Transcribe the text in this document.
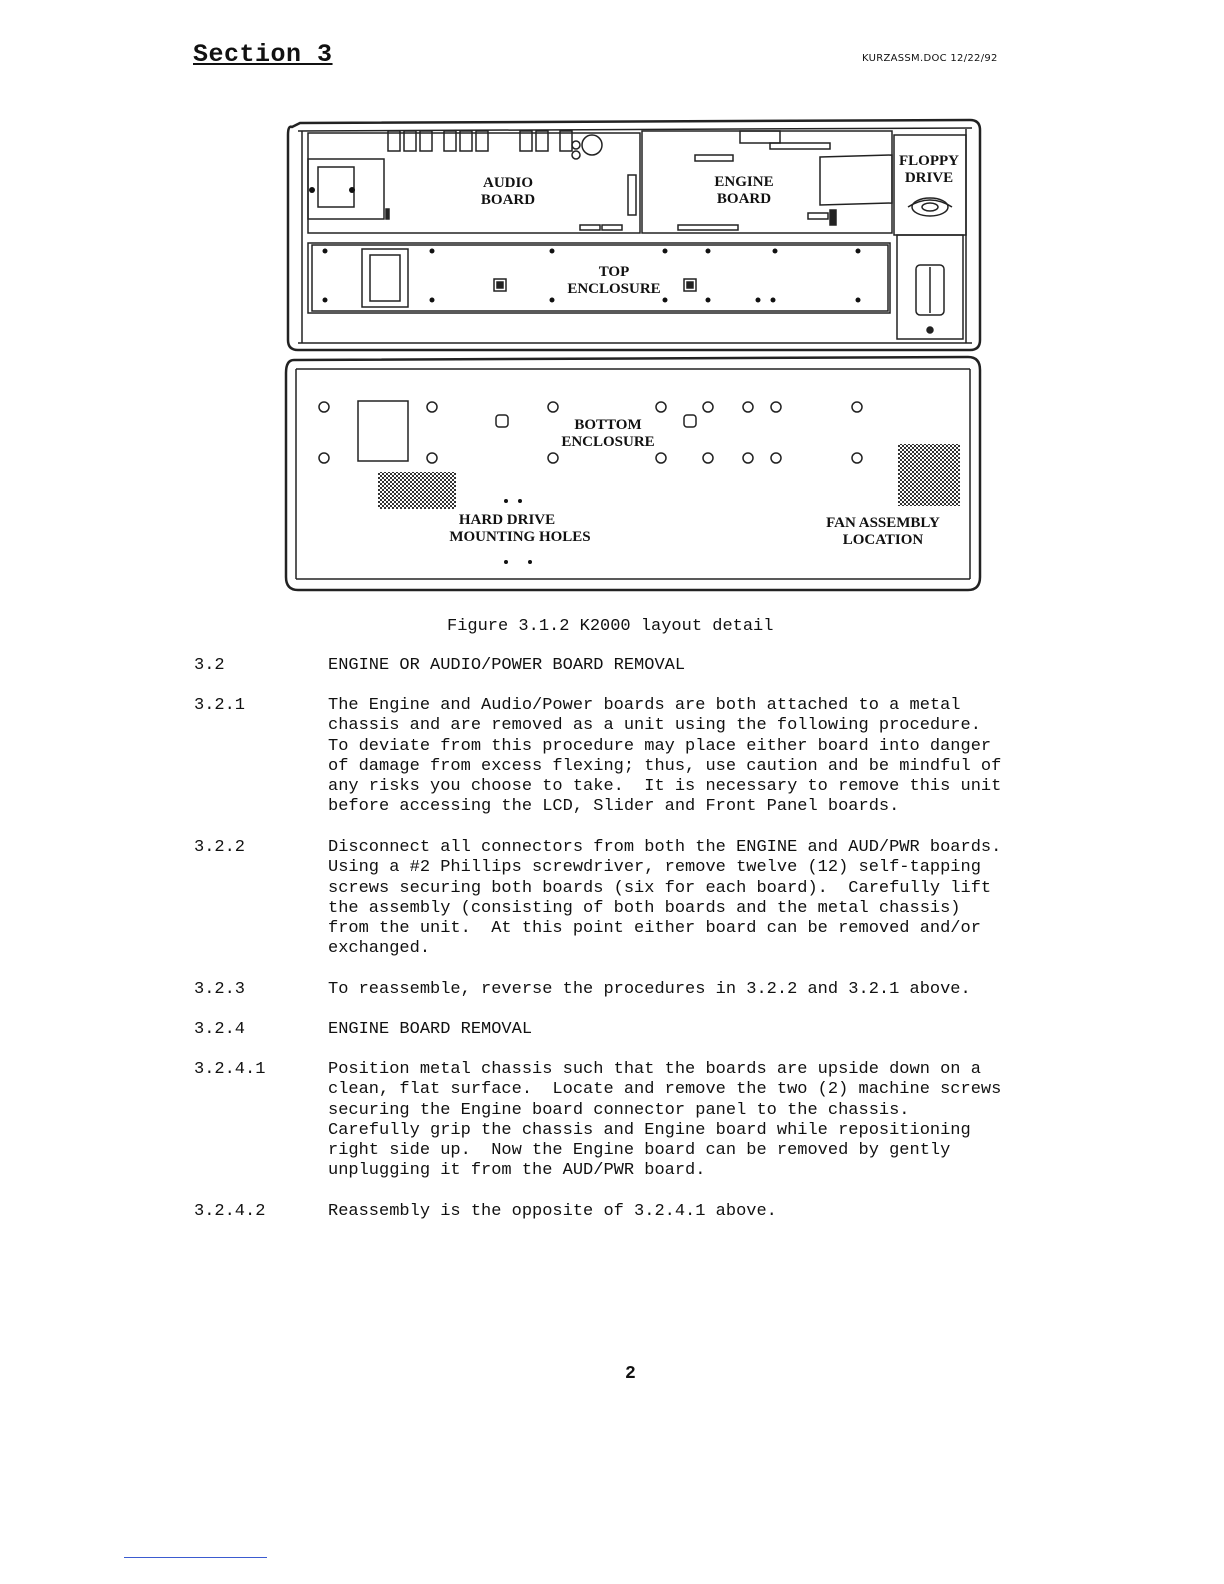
Section 3	KURZASSM.DOC 12/22/92
AUDIO
BOARD
ENGINE
BOARD
FLOPPY
DRIVE
TOP
ENCLOSURE
BOTTOM
ENCLOSURE
HARD DRIVE
MOUNTING HOLES
FAN ASSEMBLY
LOCATION
Figure 3.1.2 K2000 layout detail
3.2	ENGINE OR AUDIO/POWER BOARD REMOVAL
3.2.1	The Engine and Audio/Power boards are both attached to a metal
chassis and are removed as a unit using the following procedure.
To deviate from this procedure may place either board into danger
of damage from excess flexing; thus, use caution and be mindful of
any risks you choose to take.  It is necessary to remove this unit
before accessing the LCD, Slider and Front Panel boards.
3.2.2	Disconnect all connectors from both the ENGINE and AUD/PWR boards.
Using a #2 Phillips screwdriver, remove twelve (12) self-tapping
screws securing both boards (six for each board).  Carefully lift
the assembly (consisting of both boards and the metal chassis)
from the unit.  At this point either board can be removed and/or
exchanged.
3.2.3	To reassemble, reverse the procedures in 3.2.2 and 3.2.1 above.
3.2.4	ENGINE BOARD REMOVAL
3.2.4.1	Position metal chassis such that the boards are upside down on a
clean, flat surface.  Locate and remove the two (2) machine screws
securing the Engine board connector panel to the chassis.
Carefully grip the chassis and Engine board while repositioning
right side up.  Now the Engine board can be removed by gently
unplugging it from the AUD/PWR board.
3.2.4.2	Reassembly is the opposite of 3.2.4.1 above.
2
